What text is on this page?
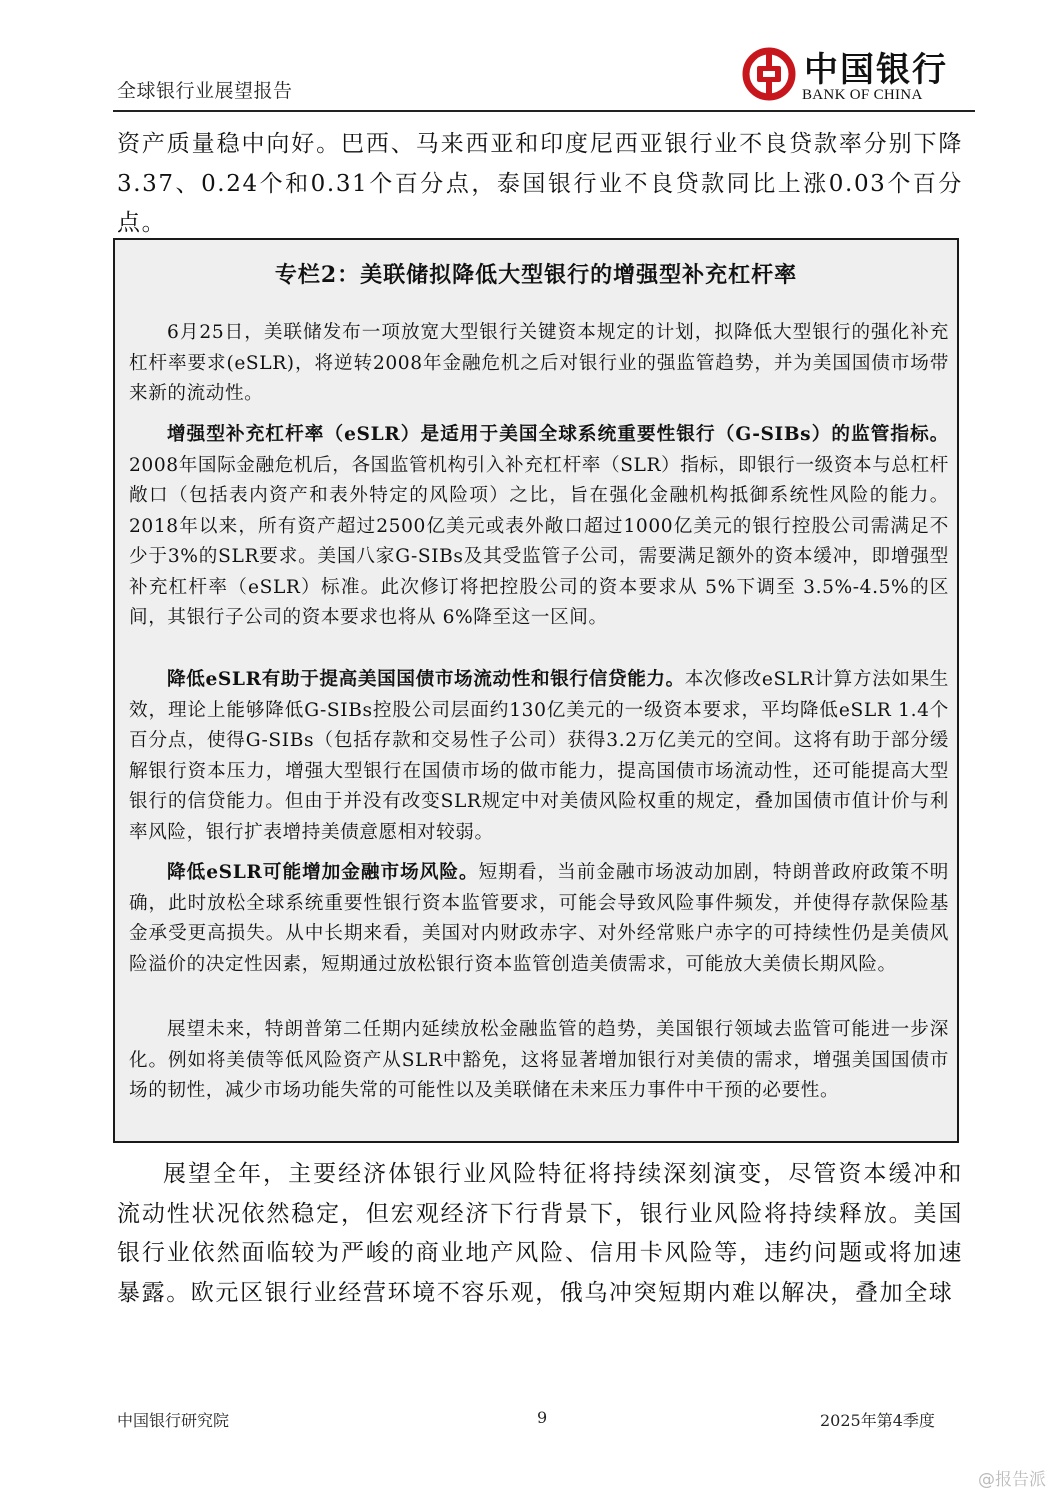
全球银行业展望报告
中国银行
BANK OF CHINA
资产质量稳中向好。巴西、马来西亚和印度尼西亚银行业不良贷款率分别下降3.37、0.24个和0.31个百分点，泰国银行业不良贷款同比上涨0.03个百分点。
专栏2：美联储拟降低大型银行的增强型补充杠杆率
6月25日，美联储发布一项放宽大型银行关键资本规定的计划，拟降低大型银行的强化补充杠杆率要求(eSLR)，将逆转2008年金融危机之后对银行业的强监管趋势，并为美国国债市场带来新的流动性。
增强型补充杠杆率（eSLR）是适用于美国全球系统重要性银行（G-SIBs）的监管指标。2008年国际金融危机后，各国监管机构引入补充杠杆率（SLR）指标，即银行一级资本与总杠杆敞口（包括表内资产和表外特定的风险项）之比，旨在强化金融机构抵御系统性风险的能力。2018年以来，所有资产超过2500亿美元或表外敞口超过1000亿美元的银行控股公司需满足不少于3%的SLR要求。美国八家G-SIBs及其受监管子公司，需要满足额外的资本缓冲，即增强型补充杠杆率（eSLR）标准。此次修订将把控股公司的资本要求从 5%下调至 3.5%-4.5%的区间，其银行子公司的资本要求也将从 6%降至这一区间。
降低eSLR有助于提高美国国债市场流动性和银行信贷能力。本次修改eSLR计算方法如果生效，理论上能够降低G-SIBs控股公司层面约130亿美元的一级资本要求，平均降低eSLR 1.4个百分点，使得G-SIBs（包括存款和交易性子公司）获得3.2万亿美元的空间。这将有助于部分缓解银行资本压力，增强大型银行在国债市场的做市能力，提高国债市场流动性，还可能提高大型银行的信贷能力。但由于并没有改变SLR规定中对美债风险权重的规定，叠加国债市值计价与利率风险，银行扩表增持美债意愿相对较弱。
降低eSLR可能增加金融市场风险。短期看，当前金融市场波动加剧，特朗普政府政策不明确，此时放松全球系统重要性银行资本监管要求，可能会导致风险事件频发，并使得存款保险基金承受更高损失。从中长期来看，美国对内财政赤字、对外经常账户赤字的可持续性仍是美债风险溢价的决定性因素，短期通过放松银行资本监管创造美债需求，可能放大美债长期风险。
展望未来，特朗普第二任期内延续放松金融监管的趋势，美国银行领域去监管可能进一步深化。例如将美债等低风险资产从SLR中豁免，这将显著增加银行对美债的需求，增强美国国债市场的韧性，减少市场功能失常的可能性以及美联储在未来压力事件中干预的必要性。
展望全年，主要经济体银行业风险特征将持续深刻演变，尽管资本缓冲和流动性状况依然稳定，但宏观经济下行背景下，银行业风险将持续释放。美国银行业依然面临较为严峻的商业地产风险、信用卡风险等，违约问题或将加速暴露。欧元区银行业经营环境不容乐观，俄乌冲突短期内难以解决，叠加全球
中国银行研究院	9	2025年第4季度
@报告派
